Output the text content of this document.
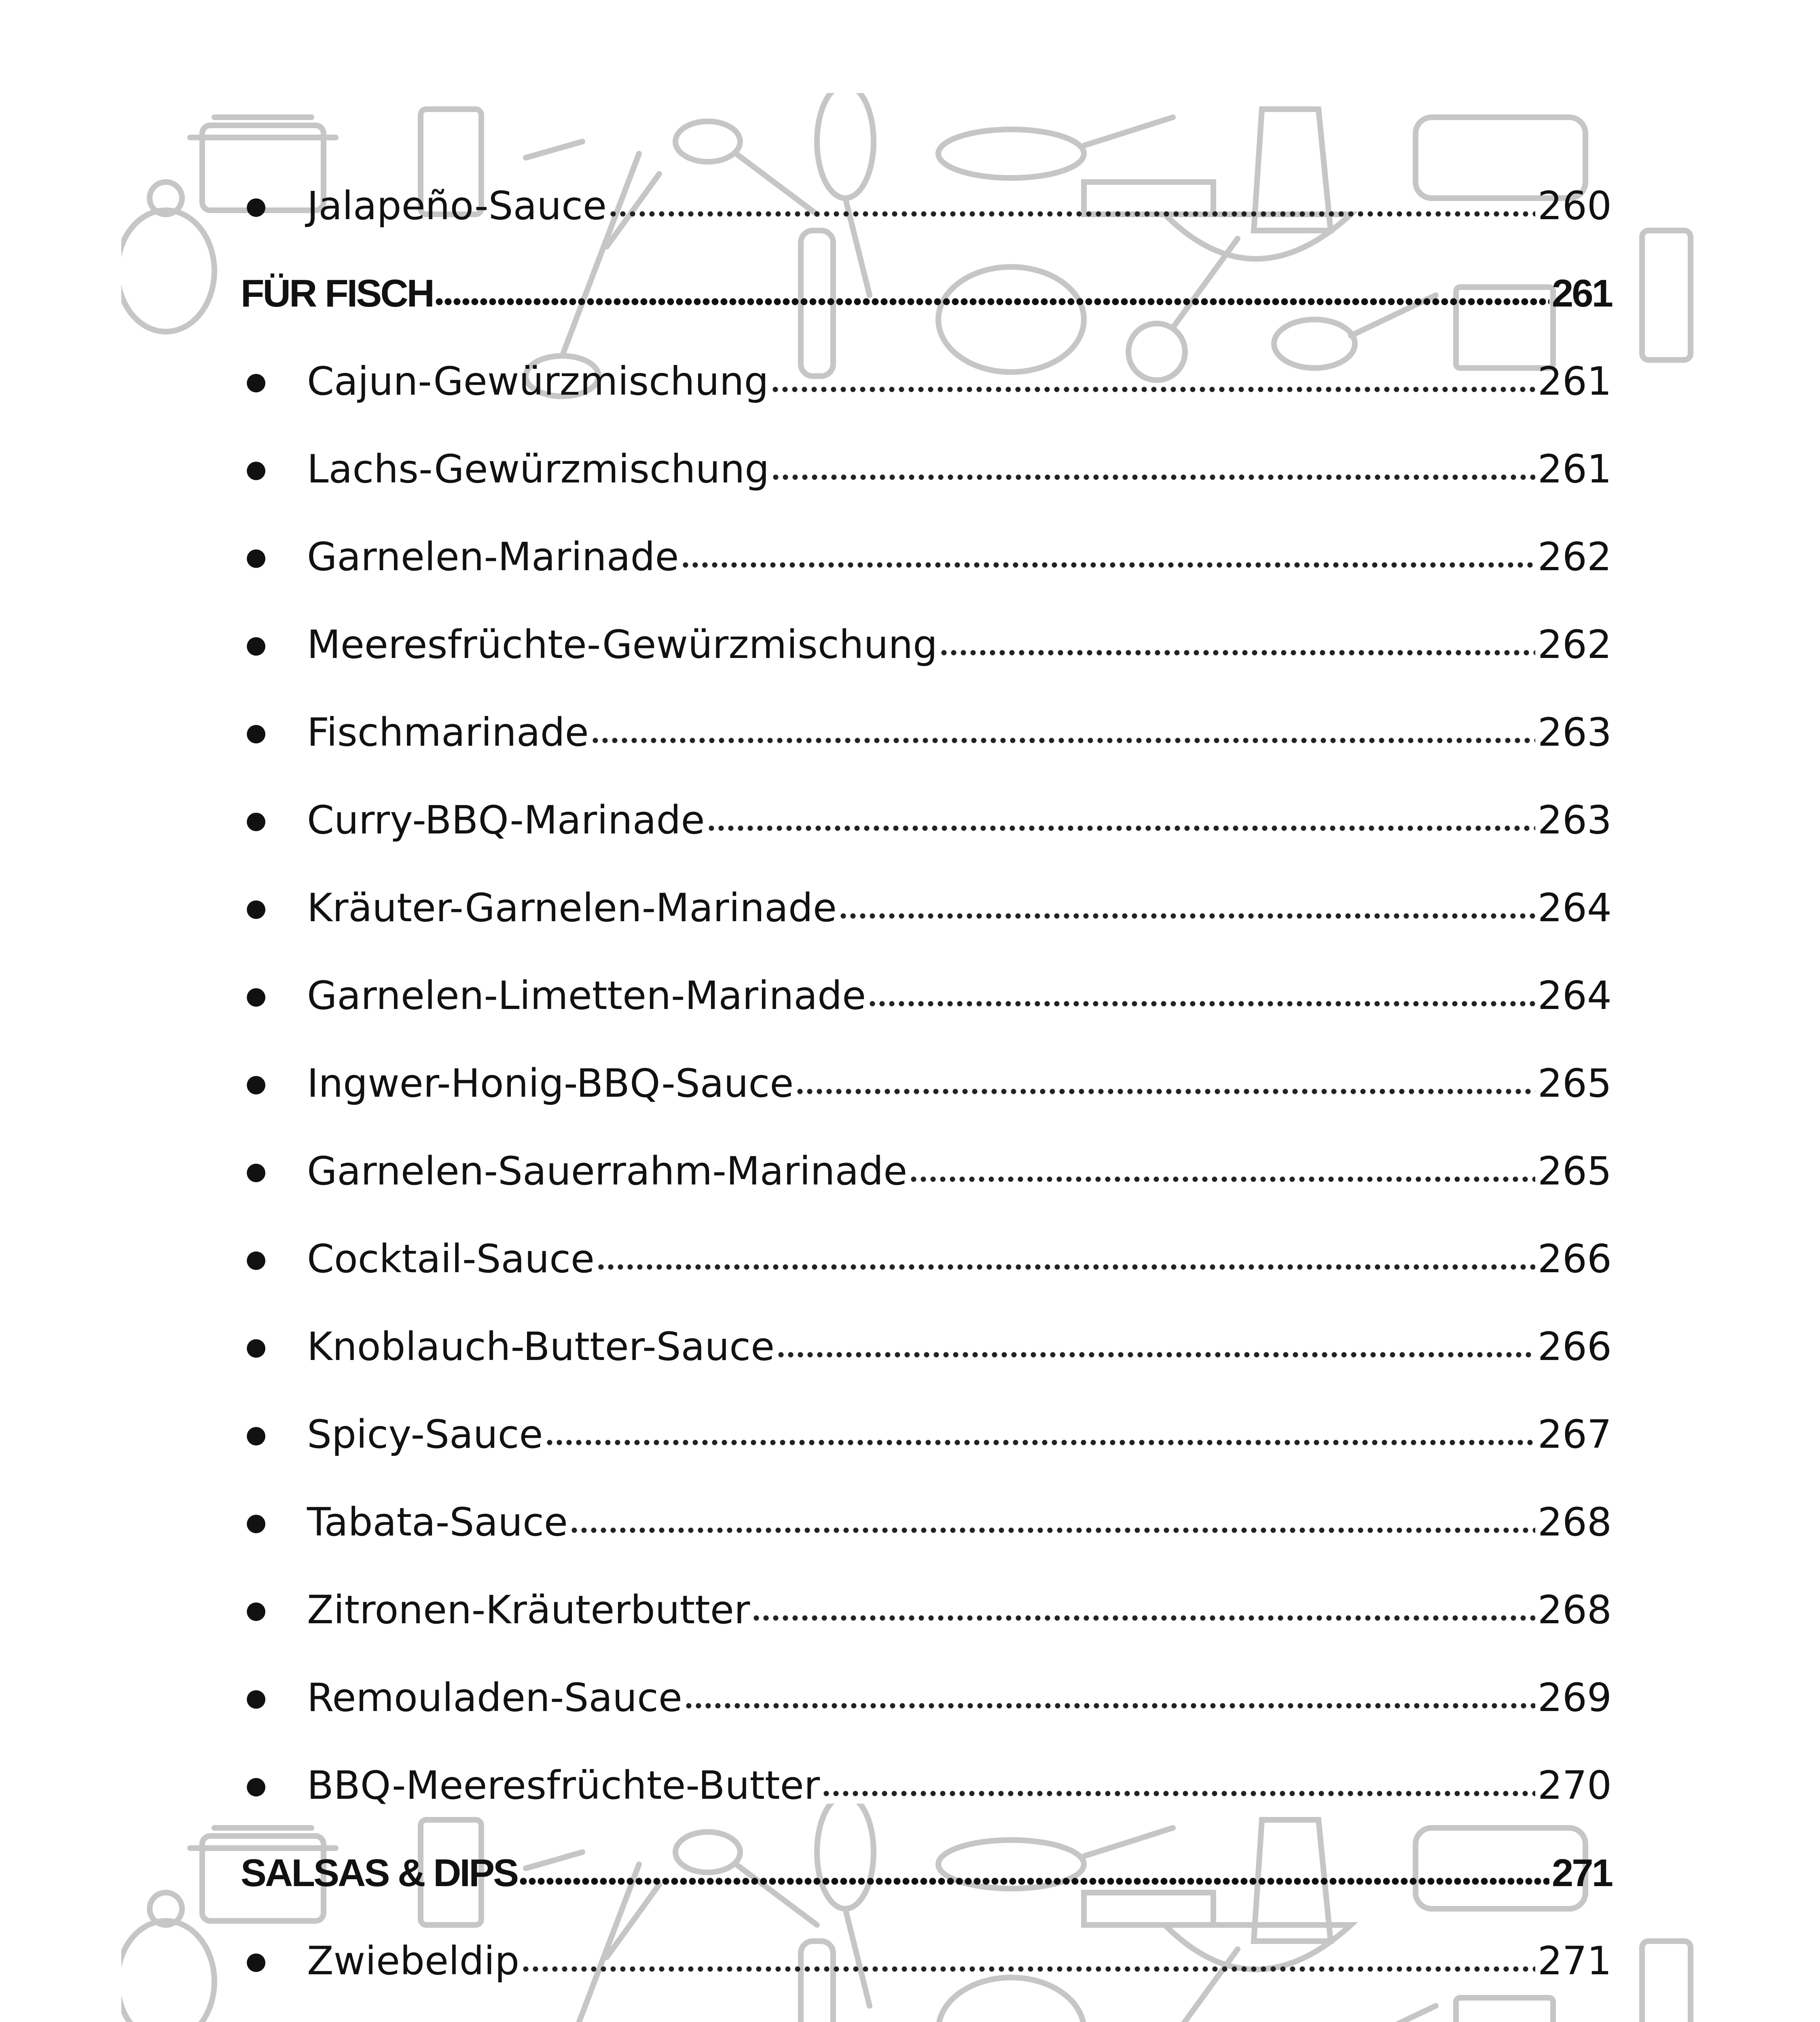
●	Jalapeño-Sauce	260
FÜR FISCH	261
●	Cajun-Gewürzmischung	261
●	Lachs-Gewürzmischung	261
●	Garnelen-Marinade	262
●	Meeresfrüchte-Gewürzmischung	262
●	Fischmarinade	263
●	Curry-BBQ-Marinade	263
●	Kräuter-Garnelen-Marinade	264
●	Garnelen-Limetten-Marinade	264
●	Ingwer-Honig-BBQ-Sauce	265
●	Garnelen-Sauerrahm-Marinade	265
●	Cocktail-Sauce	266
●	Knoblauch-Butter-Sauce	266
●	Spicy-Sauce	267
●	Tabata-Sauce	268
●	Zitronen-Kräuterbutter	268
●	Remouladen-Sauce	269
●	BBQ-Meeresfrüchte-Butter	270
SALSAS & DIPS	271
●	Zwiebeldip	271
